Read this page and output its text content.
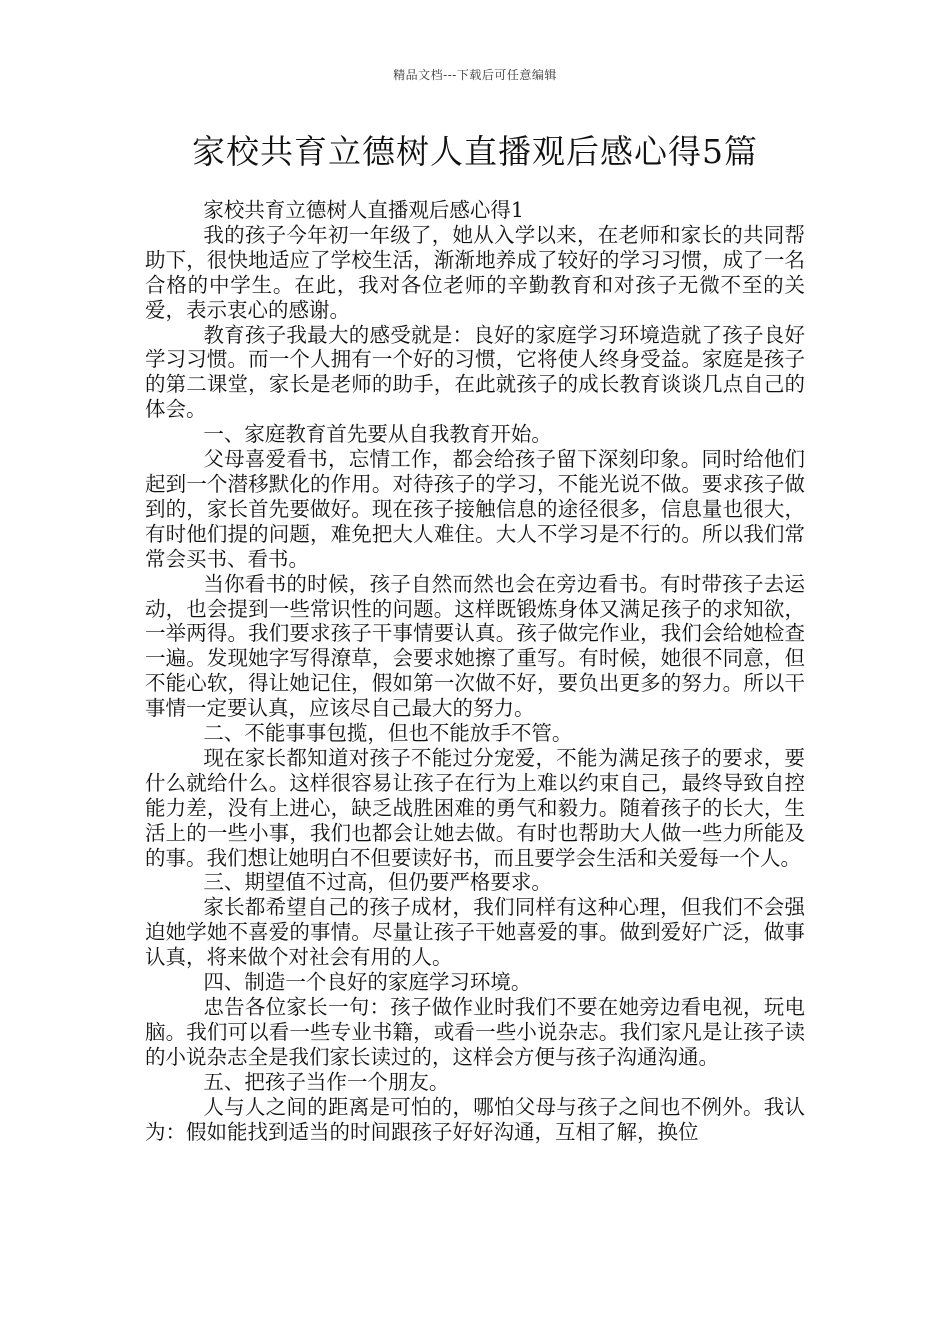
精品文档---下载后可任意编辑
家校共育立德树人直播观后感心得5篇

家校共育立德树人直播观后感心得1

我的孩子今年初一年级了，她从入学以来，在老师和家长的共同帮助下，很快地适应了学校生活，渐渐地养成了较好的学习习惯，成了一名合格的中学生。在此，我对各位老师的辛勤教育和对孩子无微不至的关爱，表示衷心的感谢。

教育孩子我最大的感受就是：良好的家庭学习环境造就了孩子良好学习习惯。而一个人拥有一个好的习惯，它将使人终身受益。家庭是孩子的第二课堂，家长是老师的助手，在此就孩子的成长教育谈谈几点自己的体会。

一、家庭教育首先要从自我教育开始。

父母喜爱看书，忘情工作，都会给孩子留下深刻印象。同时给他们起到一个潜移默化的作用。对待孩子的学习，不能光说不做。要求孩子做到的，家长首先要做好。现在孩子接触信息的途径很多，信息量也很大，有时他们提的问题，难免把大人难住。大人不学习是不行的。所以我们常常会买书、看书。

当你看书的时候，孩子自然而然也会在旁边看书。有时带孩子去运动，也会提到一些常识性的问题。这样既锻炼身体又满足孩子的求知欲，一举两得。我们要求孩子干事情要认真。孩子做完作业，我们会给她检查一遍。发现她字写得潦草，会要求她擦了重写。有时候，她很不同意，但不能心软，得让她记住，假如第一次做不好，要负出更多的努力。所以干事情一定要认真，应该尽自己最大的努力。

二、不能事事包揽，但也不能放手不管。

现在家长都知道对孩子不能过分宠爱，不能为满足孩子的要求，要什么就给什么。这样很容易让孩子在行为上难以约束自己，最终导致自控能力差，没有上进心，缺乏战胜困难的勇气和毅力。随着孩子的长大，生活上的一些小事，我们也都会让她去做。有时也帮助大人做一些力所能及的事。我们想让她明白不但要读好书，而且要学会生活和关爱每一个人。

三、期望值不过高，但仍要严格要求。

家长都希望自己的孩子成材，我们同样有这种心理，但我们不会强迫她学她不喜爱的事情。尽量让孩子干她喜爱的事。做到爱好广泛，做事认真，将来做个对社会有用的人。

四、制造一个良好的家庭学习环境。

忠告各位家长一句：孩子做作业时我们不要在她旁边看电视，玩电脑。我们可以看一些专业书籍，或看一些小说杂志。我们家凡是让孩子读的小说杂志全是我们家长读过的，这样会方便与孩子沟通沟通。

五、把孩子当作一个朋友。

人与人之间的距离是可怕的，哪怕父母与孩子之间也不例外。我认为：假如能找到适当的时间跟孩子好好沟通，互相了解，换位
